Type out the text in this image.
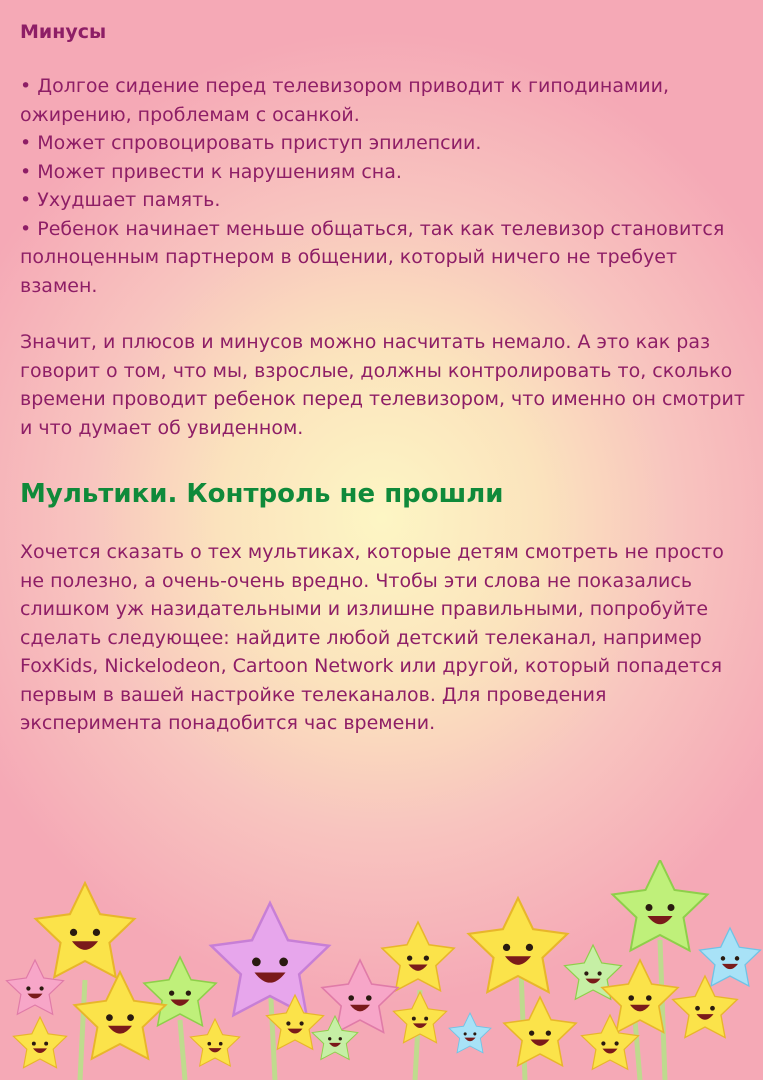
Минусы
• Долгое сидение перед телевизором приводит к гиподинамии, ожирению, проблемам с осанкой.
• Может спровоцировать приступ эпилепсии.
• Может привести к нарушениям сна.
• Ухудшает память.
• Ребенок начинает меньше общаться, так как телевизор становится полноценным партнером в общении, который ничего не требует взамен.

Значит, и плюсов и минусов можно насчитать немало. А это как раз говорит о том, что мы, взрослые, должны контролировать то, сколько времени проводит ребенок перед телевизором, что именно он смотрит и что думает об увиденном.

Мультики. Контроль не прошли

Хочется сказать о тех мультиках, которые детям смотреть не просто не полезно, а очень-очень вредно. Чтобы эти слова не показались слишком уж назидательными и излишне правильными, попробуйте сделать следующее: найдите любой детский телеканал, например FoxKids, Nickelodeon, Cartoon Network или другой, который попадется первым в вашей настройке телеканалов. Для проведения эксперимента понадобится час времени.
